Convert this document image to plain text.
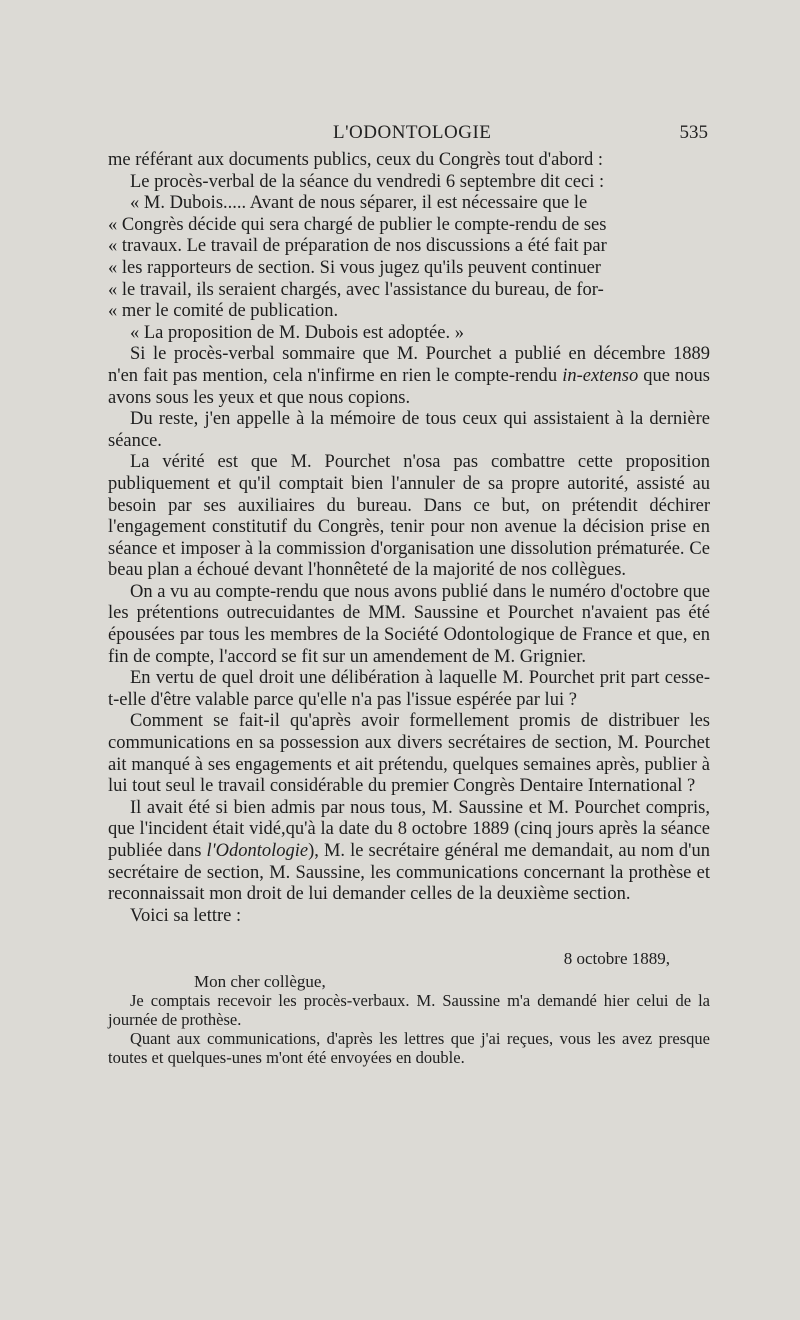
L'ODONTOLOGIE	535

me référant aux documents publics, ceux du Congrès tout d'abord :

Le procès-verbal de la séance du vendredi 6 septembre dit ceci :

« M. Dubois..... Avant de nous séparer, il est nécessaire que le

« Congrès décide qui sera chargé de publier le compte-rendu de ses

« travaux. Le travail de préparation de nos discussions a été fait par

« les rapporteurs de section. Si vous jugez qu'ils peuvent continuer

« le travail, ils seraient chargés, avec l'assistance du bureau, de for-

« mer le comité de publication.

« La proposition de M. Dubois est adoptée. »

Si le procès-verbal sommaire que M. Pourchet a publié en décembre 1889 n'en fait pas mention, cela n'infirme en rien le compte-rendu in-extenso que nous avons sous les yeux et que nous copions.

Du reste, j'en appelle à la mémoire de tous ceux qui assistaient à la dernière séance.

La vérité est que M. Pourchet n'osa pas combattre cette proposition publiquement et qu'il comptait bien l'annuler de sa propre autorité, assisté au besoin par ses auxiliaires du bureau. Dans ce but, on prétendit déchirer l'engagement constitutif du Congrès, tenir pour non avenue la décision prise en séance et imposer à la commission d'organisation une dissolution prématurée. Ce beau plan a échoué devant l'honnêteté de la majorité de nos collègues.

On a vu au compte-rendu que nous avons publié dans le numéro d'octobre que les prétentions outrecuidantes de MM. Saussine et Pourchet n'avaient pas été épousées par tous les membres de la Société Odontologique de France et que, en fin de compte, l'accord se fit sur un amendement de M. Grignier.

En vertu de quel droit une délibération à laquelle M. Pourchet prit part cesse-t-elle d'être valable parce qu'elle n'a pas l'issue espérée par lui ?

Comment se fait-il qu'après avoir formellement promis de distribuer les communications en sa possession aux divers secrétaires de section, M. Pourchet ait manqué à ses engagements et ait prétendu, quelques semaines après, publier à lui tout seul le travail considérable du premier Congrès Dentaire International ?

Il avait été si bien admis par nous tous, M. Saussine et M. Pourchet compris, que l'incident était vidé,qu'à la date du 8 octobre 1889 (cinq jours après la séance publiée dans l'Odontologie), M. le secrétaire général me demandait, au nom d'un secrétaire de section, M. Saussine, les communications concernant la prothèse et reconnaissait mon droit de lui demander celles de la deuxième section.

Voici sa lettre :

8 octobre 1889,

Mon cher collègue,

Je comptais recevoir les procès-verbaux. M. Saussine m'a demandé hier celui de la journée de prothèse.

Quant aux communications, d'après les lettres que j'ai reçues, vous les avez presque toutes et quelques-unes m'ont été envoyées en double.
